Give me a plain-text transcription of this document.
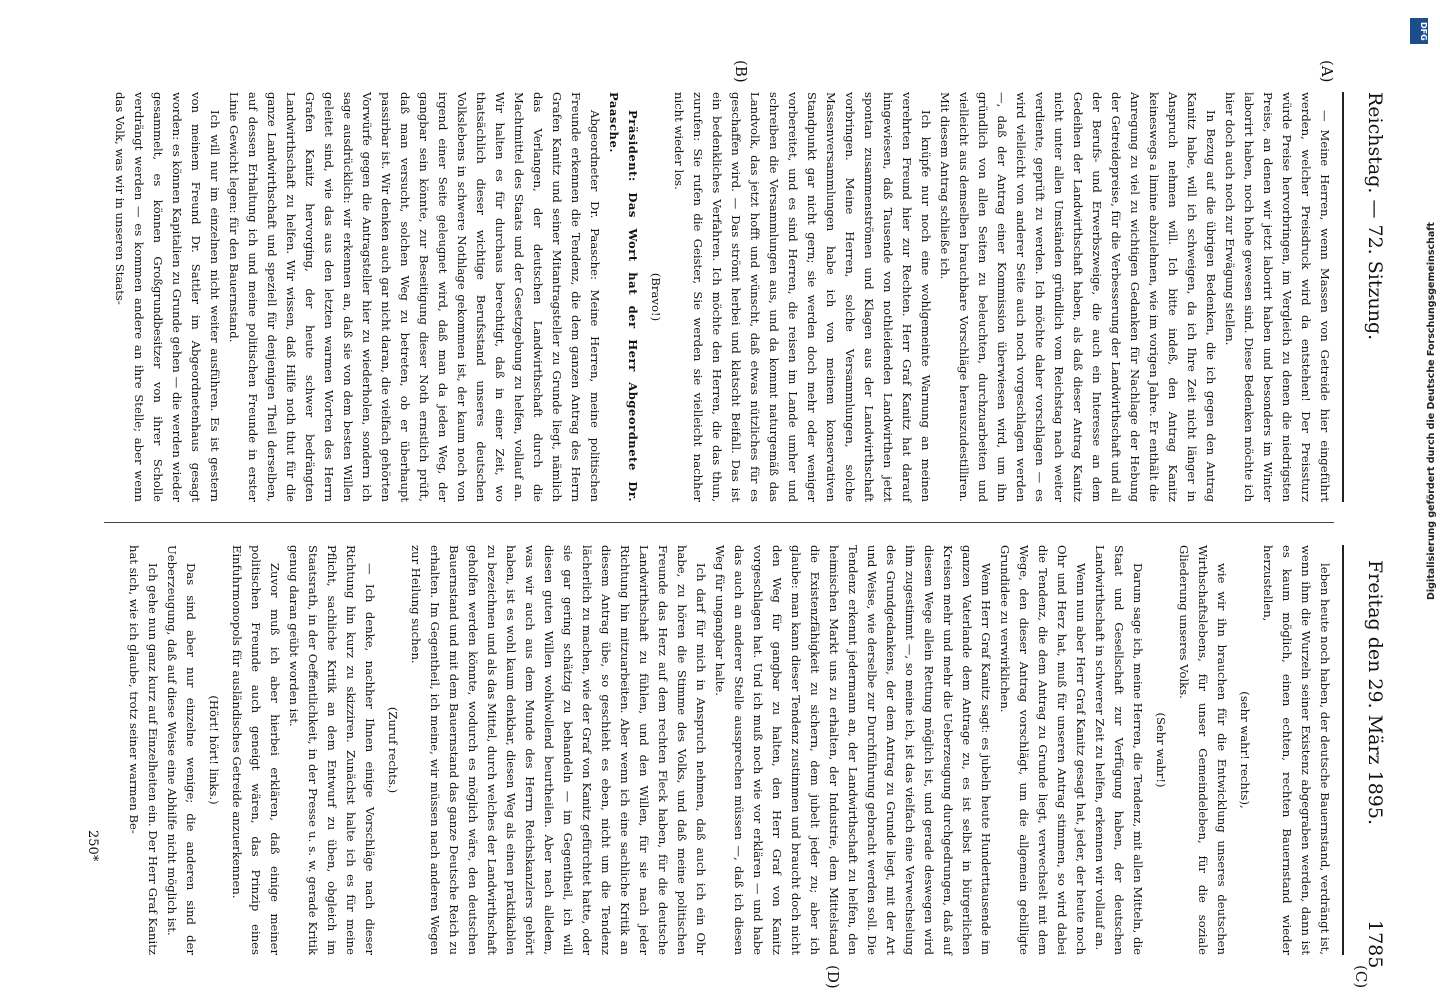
Reichstag. — 72. Sitzung.
Freitag den 29. März 1895.
1785
(A)
(B)
(C)
(D)

— Meine Herren, wenn Massen von Getreide hier eingeführt werden, welcher Preisdruck wird da entstehen! Der Preissturz würde Preise hervorbringen, im Vergleich zu denen die niedrigsten Preise, an denen wir jetzt laborirt haben und besonders im Winter laborirt haben, noch hohe gewesen sind. Diese Bedenken möchte ich hier doch auch noch zur Erwägung stellen.

In Bezug auf die übrigen Bedenken, die ich gegen den Antrag Kanitz habe, will ich schweigen, da ich Ihre Zeit nicht länger in Anspruch nehmen will. Ich bitte indeß, den Antrag Kanitz keineswegs a limine abzulehnen, wie im vorigen Jahre. Er enthält die Anregung zu viel zu wichtigen Gedanken für Nachlage der Hebung der Getreidepreise, für die Verbesserung der Landwirthschaft und all der Berufs- und Erwerbszweige, die auch ein Interesse an dem Gedeihen der Landwirthschaft haben, als daß dieser Antrag Kanitz nicht unter allen Umständen gründlich vom Reichstag nach weiter verdiente, geprüft zu werden. Ich möchte daher vorschlagen — es wird vielleicht von anderer Seite auch noch vorgeschlagen werden —, daß der Antrag einer Kommission überwiesen wird, um ihn gründlich von allen Seiten zu beleuchten, durchzuarbeiten und vielleicht aus demselben brauchbare Vorschläge herauszudestilliren. Mit diesem Antrag schließe ich.

Ich knüpfe nur noch eine wohlgemeinte Warnung an meinen verehrten Freund hier zur Rechten. Herr Graf Kanitz hat darauf hingewiesen, daß Tausende von nothleidenden Landwirthen jetzt spontan zusammenströmen und Klagen aus der Landwirthschaft vorbringen. Meine Herren, solche Versammlungen, solche Massenversammlungen habe ich von meinem konservativen Standpunkt gar nicht gern; sie werden doch mehr oder weniger vorbereitet, und es sind Herren, die reisen im Lande umher und schreiben die Versammlungen aus, und da kommt naturgemäß das Landvolk, das jetzt hofft und wünscht, daß etwas nützliches für es geschaffen wird. — Das strömt herbei und klatscht Beifall. Das ist ein bedenkliches Verfahren. Ich möchte den Herren, die das thun, zurufen: Sie rufen die Geister, Sie werden sie vielleicht nachher nicht wieder los.

(Bravo!)

Präsident: Das Wort hat der Herr Abgeordnete Dr. Paasche.

Abgeordneter Dr. Paasche: Meine Herren, meine politischen Freunde erkennen die Tendenz, die dem ganzen Antrag des Herrn Grafen Kanitz und seiner Mitantragsteller zu Grunde liegt, nämlich das Verlangen, der deutschen Landwirthschaft durch die Machtmittel des Staats und der Gesetzgebung zu helfen, vollauf an. Wir halten es für durchaus berechtigt, daß in einer Zeit, wo thatsächlich dieser wichtige Berufsstand unseres deutschen Volkslebens in schwere Nothlage gekommen ist, der kaum noch von irgend einer Seite geleugnet wird, daß man da jeden Weg, der gangbar sein könnte, zur Beseitigung dieser Noth ernstlich prüft, daß man versucht, solchen Weg zu betreten, ob er überhaupt passirbar ist. Wir denken auch gar nicht daran, die vielfach gehörten Vorwürfe gegen die Antragsteller hier zu wiederholen, sondern ich sage ausdrücklich: wir erkennen an, daß sie von dem besten Willen geleitet sind, wie das aus den letzten warmen Worten des Herrn Grafen Kanitz hervorging, der heute schwer bedrängten Landwirthschaft zu helfen. Wir wissen, daß Hilfe noth thut für die ganze Landwirthschaft und speziell für denjenigen Theil derselben, auf dessen Erhaltung ich und meine politischen Freunde in erster Linie Gewicht legen: für den Bauernstand.

Ich will nur im einzelnen nicht weiter ausführen. Es ist gestern von meinem Freund Dr. Sattler im Abgeordnetenhaus gesagt worden: es können Kapitalien zu Grunde gehen — die werden wieder gesammelt, es können Großgrundbesitzer von ihrer Scholle verdrängt werden — es kommen andere an ihre Stelle; aber wenn das Volk, was wir in unseren Staats-

leben heute noch haben, der deutsche Bauernstand, verdrängt ist, wenn ihm die Wurzeln seiner Existenz abgegraben werden, dann ist es kaum möglich, einen echten, rechten Bauernstand wieder herzustellen,

(sehr wahr! rechts),

wie wir ihn brauchen für die Entwicklung unseres deutschen Wirthschaftslebens, für unser Gemeindeleben, für die soziale Gliederung unseres Volks.

(Sehr wahr!)

Darum sage ich, meine Herren, die Tendenz, mit allen Mitteln, die Staat und Gesellschaft zur Verfügung haben, der deutschen Landwirthschaft in schwerer Zeit zu helfen, erkennen wir vollauf an.

Wenn nun aber Herr Graf Kanitz gesagt hat, jeder, der heute noch Ohr und Herz hat, muß für unseren Antrag stimmen, so wird dabei die Tendenz, die dem Antrag zu Grunde liegt, verwechselt mit dem Wege, den dieser Antrag vorschlägt, um die allgemein gebilligte Grundidee zu verwirklichen.

Wenn Herr Graf Kanitz sagt: es jubeln heute Hunderttausende im ganzen Vaterlande dem Antrage zu, es ist selbst in bürgerlichen Kreisen mehr und mehr die Ueberzeugung durchgedrungen, daß auf diesem Wege allein Rettung möglich ist, und gerade deswegen wird ihm zugestimmt —, so meine ich, ist das vielfach eine Verwechselung des Grundgedankens, der dem Antrag zu Grunde liegt, mit der Art und Weise, wie derselbe zur Durchführung gebracht werden soll. Die Tendenz erkennt jedermann an, der Landwirthschaft zu helfen, den heimischen Markt uns zu erhalten, der Industrie, dem Mittelstand die Existenzfähigkeit zu sichern, dem jubelt jeder zu; aber ich glaube: man kann dieser Tendenz zustimmen und braucht doch nicht den Weg für gangbar zu halten, den Herr Graf von Kanitz vorgeschlagen hat. Und ich muß noch wie vor erklären — und habe das auch an anderer Stelle aussprechen müssen —, daß ich diesen Weg für ungangbar halte.

Ich darf für mich in Anspruch nehmen, daß auch ich ein Ohr habe, zu hören die Stimme des Volks, und daß meine politischen Freunde das Herz auf dem rechten Fleck haben, für die deutsche Landwirthschaft zu fühlen, und den Willen, für sie nach jeder Richtung hin mitzuarbeiten. Aber wenn ich eine sachliche Kritik an diesem Antrag übe, so geschieht es eben, nicht um die Tendenz lächerlich zu machen, wie der Graf von Kanitz gefürchtet hatte, oder sie gar gering schätzig zu behandeln — im Gegentheil, ich will diesen guten Willen wohlwollend beurtheilen. Aber nach alledem, was wir auch aus dem Munde des Herrn Reichskanzlers gehört haben, ist es wohl kaum denkbar, diesen Weg als einen praktikablen zu bezeichnen und als das Mittel, durch welches der Landwirthschaft geholfen werden könnte, wodurch es möglich wäre, den deutschen Bauernstand und mit dem Bauernstand das ganze Deutsche Reich zu erhalten. Im Gegentheil, ich meine, wir müssen nach anderen Wegen zur Heilung suchen.

(Zuruf rechts.)

— Ich denke, nachher Ihnen einige Vorschläge nach dieser Richtung hin kurz zu skizziren. Zunächst halte ich es für meine Pflicht, sachliche Kritik an dem Entwurf zu üben, obgleich im Staatsrath, in der Oeffentlichkeit, in der Presse u. s. w. gerade Kritik genug daran geübt worden ist.

Zuvor muß ich aber hierbei erklären, daß einige meiner politischen Freunde auch geneigt wären, das Prinzip eines Einfuhrmonopols für ausländisches Getreide anzuerkennen.

(Hört! hört! links.)

Das sind aber nur einzelne wenige; die anderen sind der Ueberzeugung, daß auf diese Weise eine Abhilfe nicht möglich ist.

Ich gehe nun ganz kurz auf Einzelheiten ein. Der Herr Graf Kanitz hat sich, wie ich glaube, trotz seiner warmen Be-

250*
DFG
Digitalisierung gefördert durch die Deutsche Forschungsgemeinschaft
